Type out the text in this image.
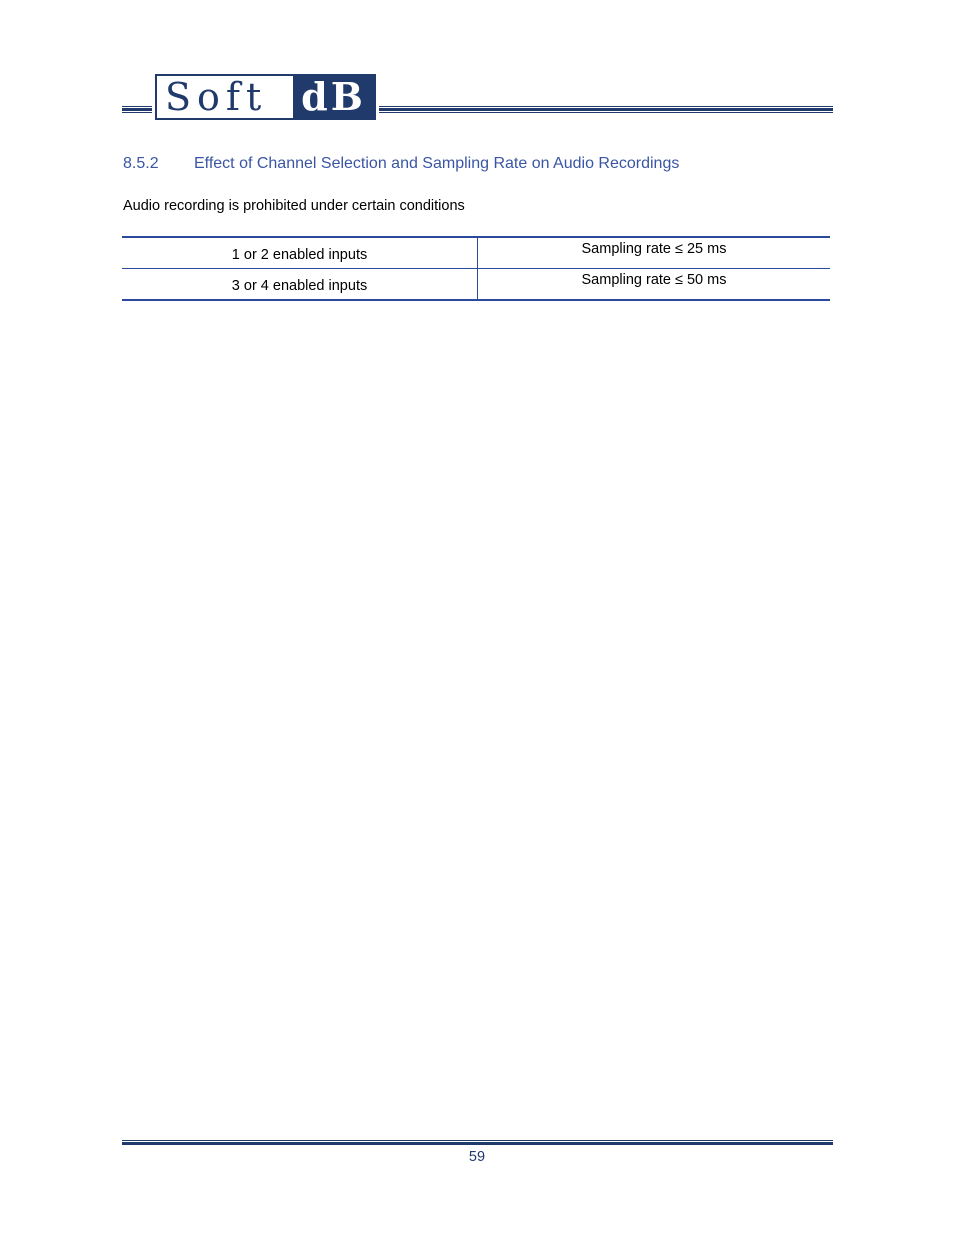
Soft dB
8.5.2 Effect of Channel Selection and Sampling Rate on Audio Recordings
Audio recording is prohibited under certain conditions
1 or 2 enabled inputs	Sampling rate ≤ 25 ms
3 or 4 enabled inputs	Sampling rate ≤ 50 ms
59
